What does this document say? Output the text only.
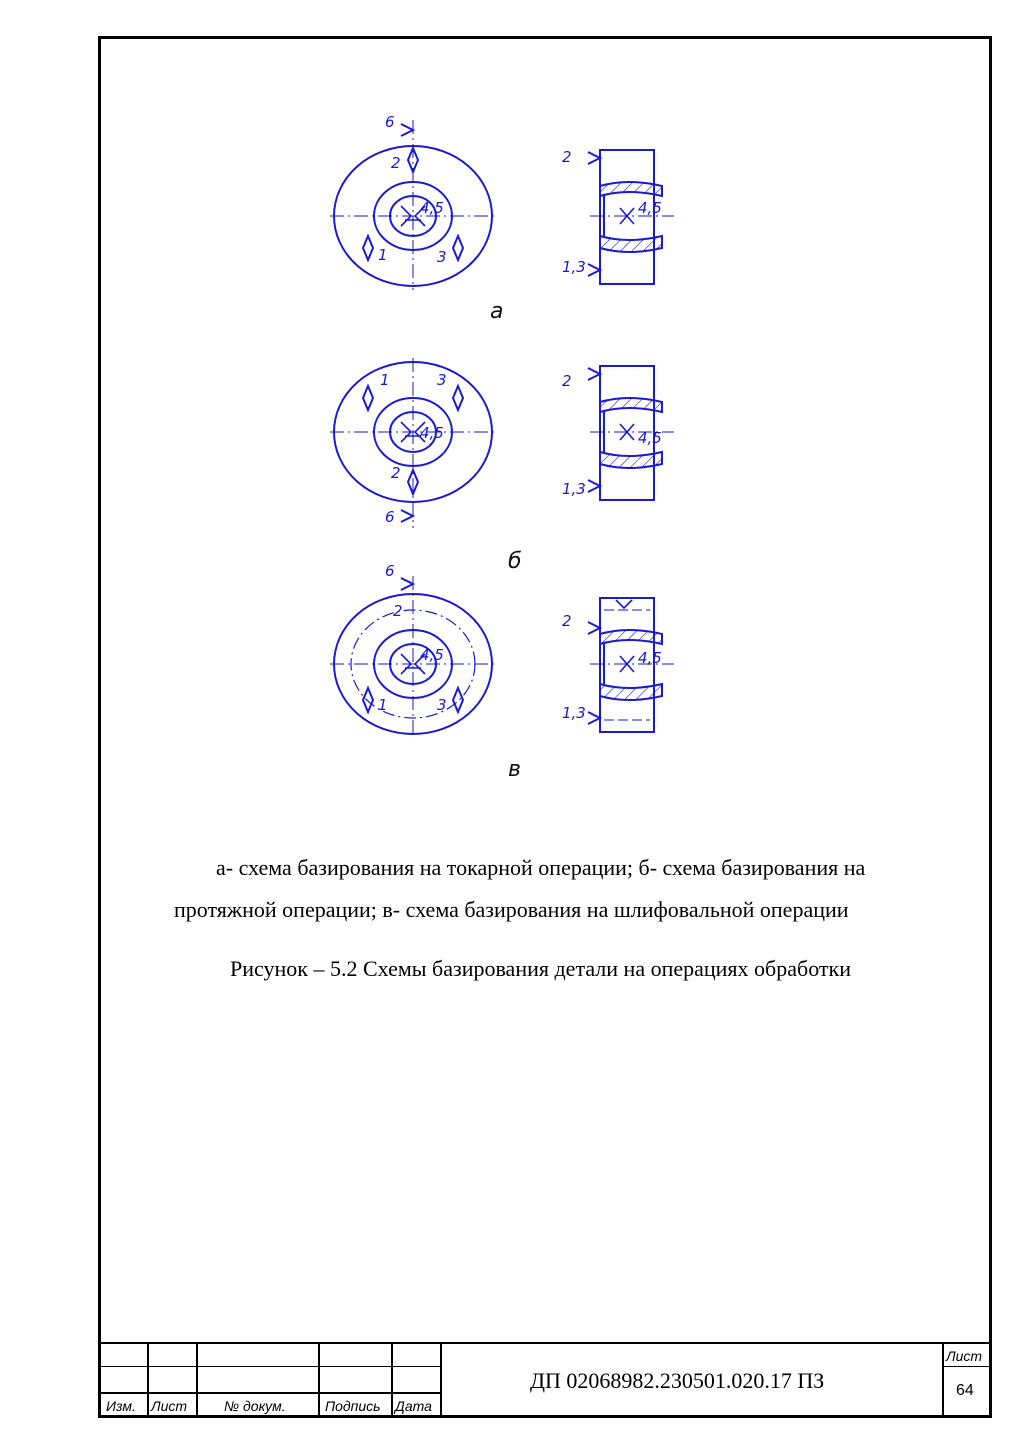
6
2
1	3
4,5
2
1,3
4,5
а
1	3
2
6
4,5
2
1,3
4,5
б
6
2
1	3
4,5
2
1,3
4,5
в
а- схема базирования на токарной операции; б- схема базирования на
протяжной операции; в- схема базирования на шлифовальной операции
Рисунок – 5.2 Схемы базирования детали на операциях обработки
Изм. Лист	№ докум.	Подпись Дата
Лист
64
ДП 02068982.230501.020.17 ПЗ
